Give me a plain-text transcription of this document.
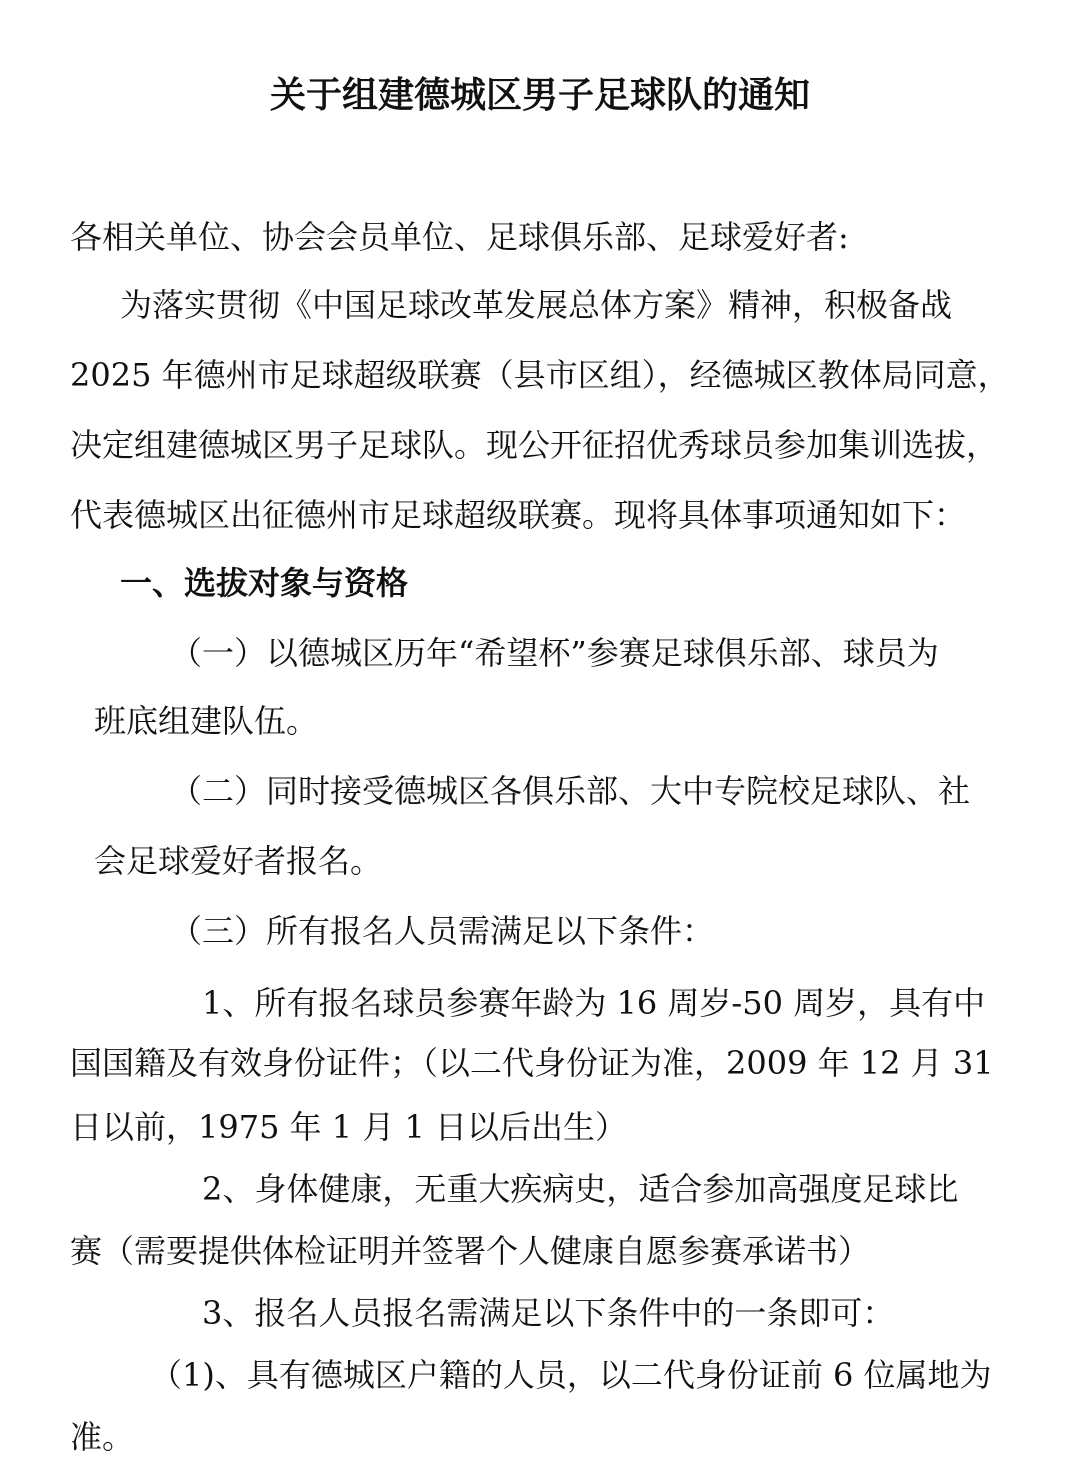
关于组建德城区男子足球队的通知
各相关单位、协会会员单位、足球俱乐部、足球爱好者:
为落实贯彻《中国足球改革发展总体方案》精神，积极备战
2025 年德州市足球超级联赛（县市区组），经德城区教体局同意，
决定组建德城区男子足球队。现公开征招优秀球员参加集训选拔，
代表德城区出征德州市足球超级联赛。现将具体事项通知如下：
一、选拔对象与资格
（一）以德城区历年“希望杯”参赛足球俱乐部、球员为
班底组建队伍。
（二）同时接受德城区各俱乐部、大中专院校足球队、社
会足球爱好者报名。
（三）所有报名人员需满足以下条件：
1、所有报名球员参赛年龄为 16 周岁-50 周岁，具有中
国国籍及有效身份证件；（以二代身份证为准，2009 年 12 月 31
日以前，1975 年 1 月 1 日以后出生）
2、身体健康，无重大疾病史，适合参加高强度足球比
赛（需要提供体检证明并签署个人健康自愿参赛承诺书）
3、报名人员报名需满足以下条件中的一条即可：
（1)、具有德城区户籍的人员，以二代身份证前 6 位属地为
准。
